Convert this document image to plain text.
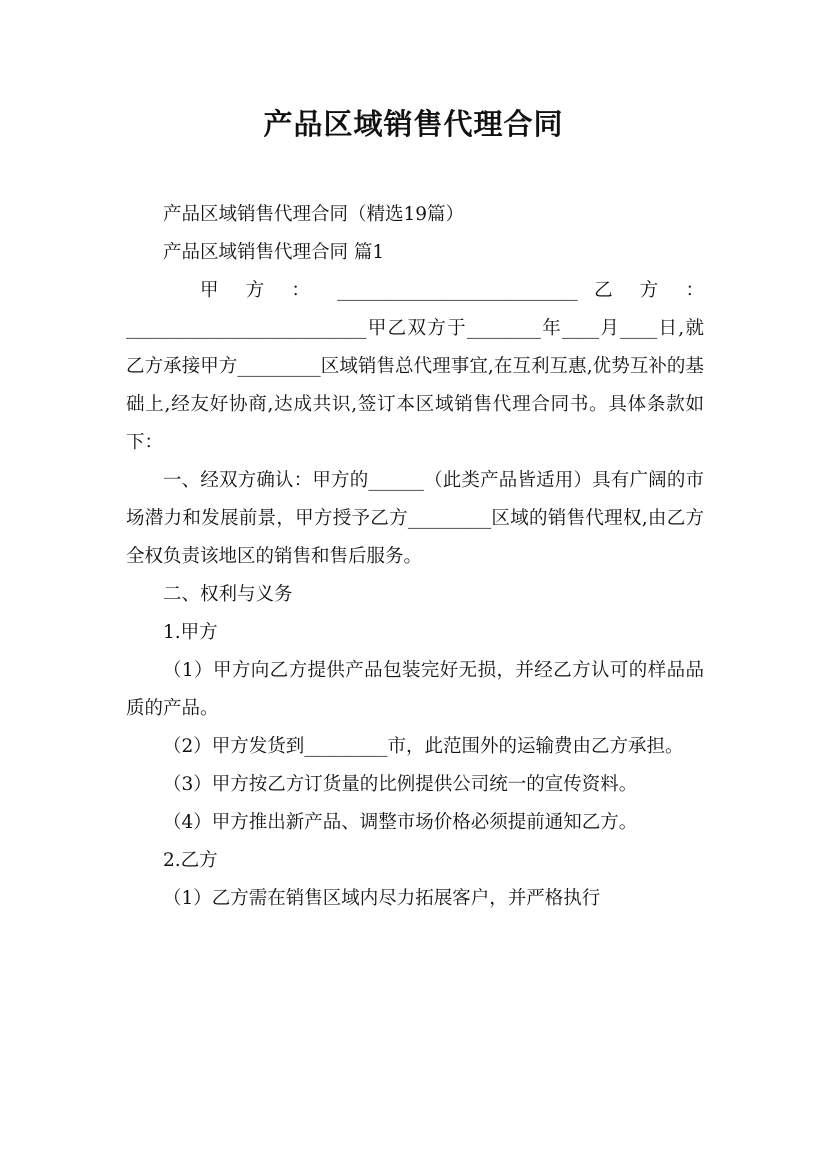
产品区域销售代理合同

产品区域销售代理合同（精选19篇）

产品区域销售代理合同 篇1

甲 方 ： __________________________ 乙 方 ：

__________________________甲乙双方于________年____月____日,就乙方承接甲方_________区域销售总代理事宜,在互利互惠,优势互补的基础上,经友好协商,达成共识,签订本区域销售代理合同书。具体条款如下：

一、经双方确认：甲方的______（此类产品皆适用）具有广阔的市场潜力和发展前景，甲方授予乙方_________区域的销售代理权,由乙方全权负责该地区的销售和售后服务。

二、权利与义务

1.甲方

（1）甲方向乙方提供产品包装完好无损，并经乙方认可的样品品质的产品。

（2）甲方发货到_________市，此范围外的运输费由乙方承担。

（3）甲方按乙方订货量的比例提供公司统一的宣传资料。

（4）甲方推出新产品、调整市场价格必须提前通知乙方。

2.乙方

（1）乙方需在销售区域内尽力拓展客户，并严格执行
